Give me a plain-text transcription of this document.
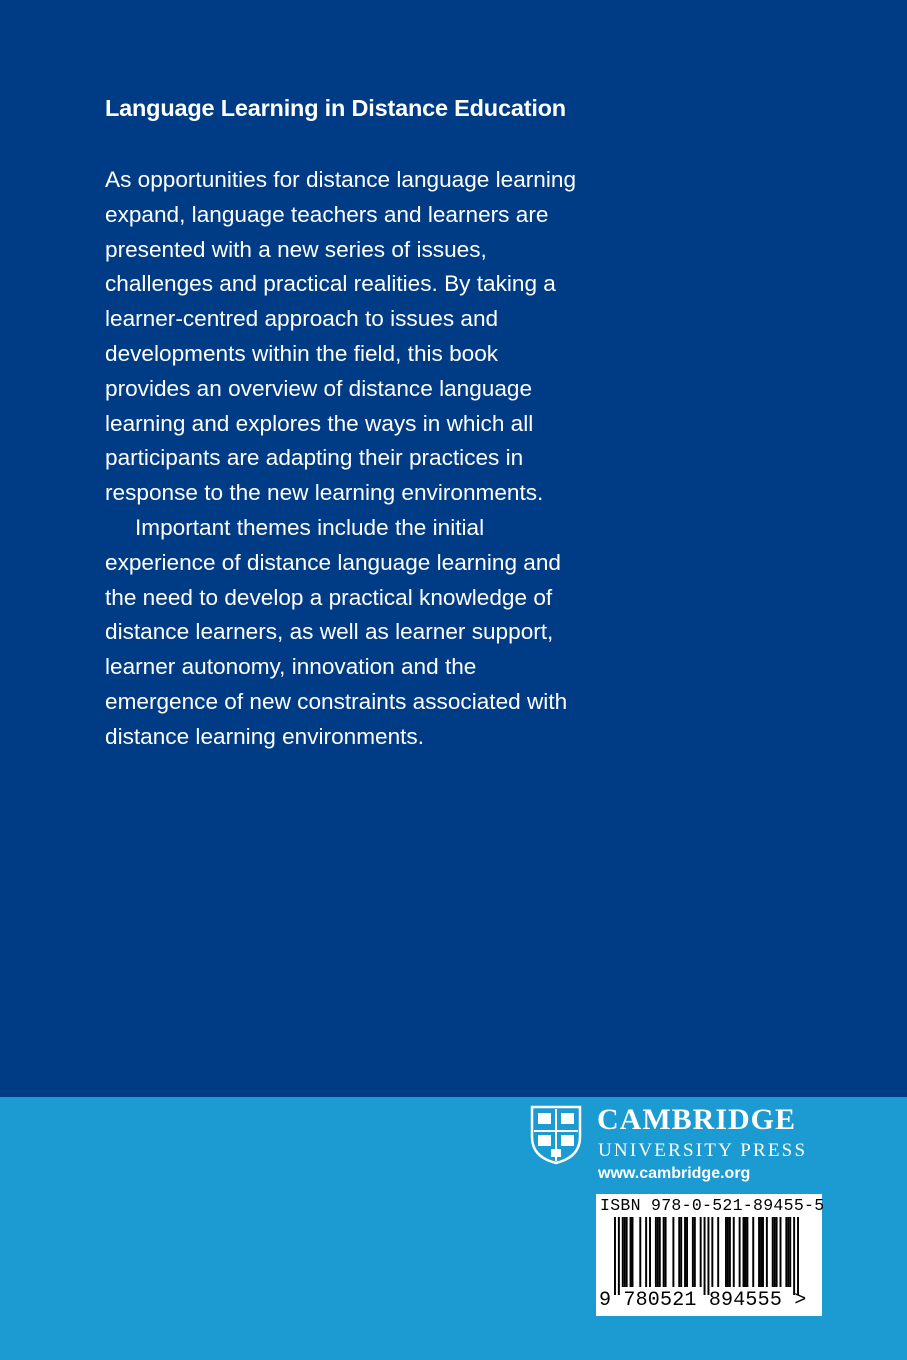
Language Learning in Distance Education

As opportunities for distance language learning
expand, language teachers and learners are
presented with a new series of issues,
challenges and practical realities. By taking a
learner-centred approach to issues and
developments within the field, this book
provides an overview of distance language
learning and explores the ways in which all
participants are adapting their practices in
response to the new learning environments.

Important themes include the initial
experience of distance language learning and
the need to develop a practical knowledge of
distance learners, as well as learner support,
learner autonomy, innovation and the
emergence of new constraints associated with
distance learning environments.

CAMBRIDGE
UNIVERSITY PRESS
www.cambridge.org
ISBN 978-0-521-89455-5
9 780521 894555 >
